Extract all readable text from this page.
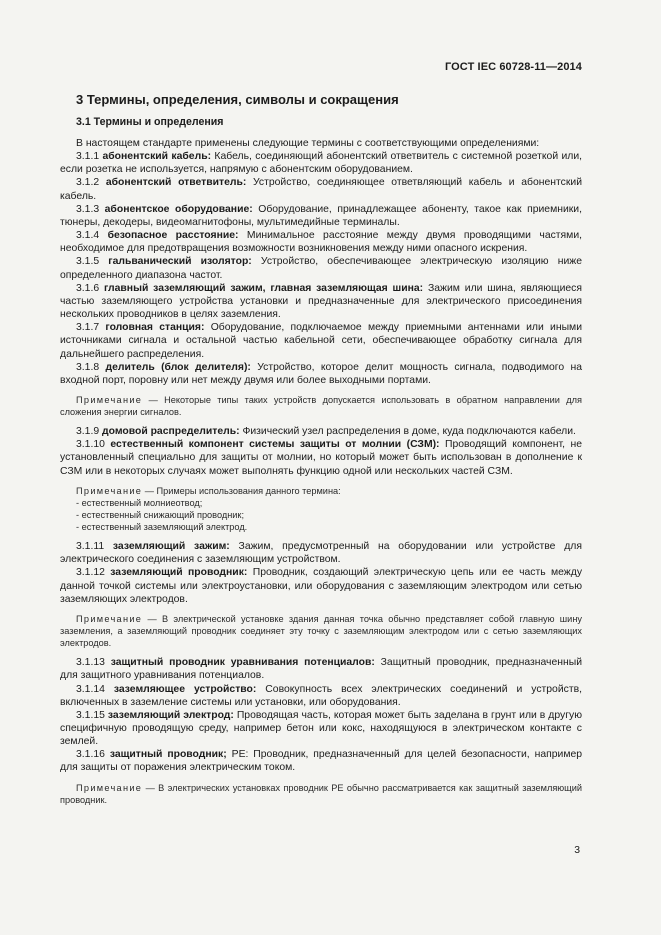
ГОСТ IEC 60728-11—2014
3 Термины, определения, символы и сокращения
3.1 Термины и определения

В настоящем стандарте применены следующие термины с соответствующими определениями:

3.1.1 абонентский кабель: Кабель, соединяющий абонентский ответвитель с системной розеткой или, если розетка не используется, напрямую с абонентским оборудованием.

3.1.2 абонентский ответвитель: Устройство, соединяющее ответвляющий кабель и абонентский кабель.

3.1.3 абонентское оборудование: Оборудование, принадлежащее абоненту, такое как приемники, тюнеры, декодеры, видеомагнитофоны, мультимедийные терминалы.

3.1.4 безопасное расстояние: Минимальное расстояние между двумя проводящими частями, необходимое для предотвращения возможности возникновения между ними опасного искрения.

3.1.5 гальванический изолятор: Устройство, обеспечивающее электрическую изоляцию ниже определенного диапазона частот.

3.1.6 главный заземляющий зажим, главная заземляющая шина: Зажим или шина, являющиеся частью заземляющего устройства установки и предназначенные для электрического присоединения нескольких проводников в целях заземления.

3.1.7 головная станция: Оборудование, подключаемое между приемными антеннами или иными источниками сигнала и остальной частью кабельной сети, обеспечивающее обработку сигнала для дальнейшего распределения.

3.1.8 делитель (блок делителя): Устройство, которое делит мощность сигнала, подводимого на входной порт, поровну или нет между двумя или более выходными портами.

Примечание — Некоторые типы таких устройств допускается использовать в обратном направлении для сложения энергии сигналов.

3.1.9 домовой распределитель: Физический узел распределения в доме, куда подключаются кабели.

3.1.10 естественный компонент системы защиты от молнии (СЗМ): Проводящий компонент, не установленный специально для защиты от молнии, но который может быть использован в дополнение к СЗМ или в некоторых случаях может выполнять функцию одной или нескольких частей СЗМ.

Примечание — Примеры использования данного термина:

- естественный молниеотвод;
- естественный снижающий проводник;
- естественный заземляющий электрод.

3.1.11 заземляющий зажим: Зажим, предусмотренный на оборудовании или устройстве для электрического соединения с заземляющим устройством.

3.1.12 заземляющий проводник: Проводник, создающий электрическую цепь или ее часть между данной точкой системы или электроустановки, или оборудования с заземляющим электродом или сетью заземляющих электродов.

Примечание — В электрической установке здания данная точка обычно представляет собой главную шину заземления, а заземляющий проводник соединяет эту точку с заземляющим электродом или с сетью заземляющих электродов.

3.1.13 защитный проводник уравнивания потенциалов: Защитный проводник, предназначенный для защитного уравнивания потенциалов.

3.1.14 заземляющее устройство: Совокупность всех электрических соединений и устройств, включенных в заземление системы или установки, или оборудования.

3.1.15 заземляющий электрод: Проводящая часть, которая может быть заделана в грунт или в другую специфичную проводящую среду, например бетон или кокс, находящуюся в электрическом контакте с землей.

3.1.16 защитный проводник; PE: Проводник, предназначенный для целей безопасности, например для защиты от поражения электрическим током.

Примечание — В электрических установках проводник PE обычно рассматривается как защитный заземляющий проводник.

3
